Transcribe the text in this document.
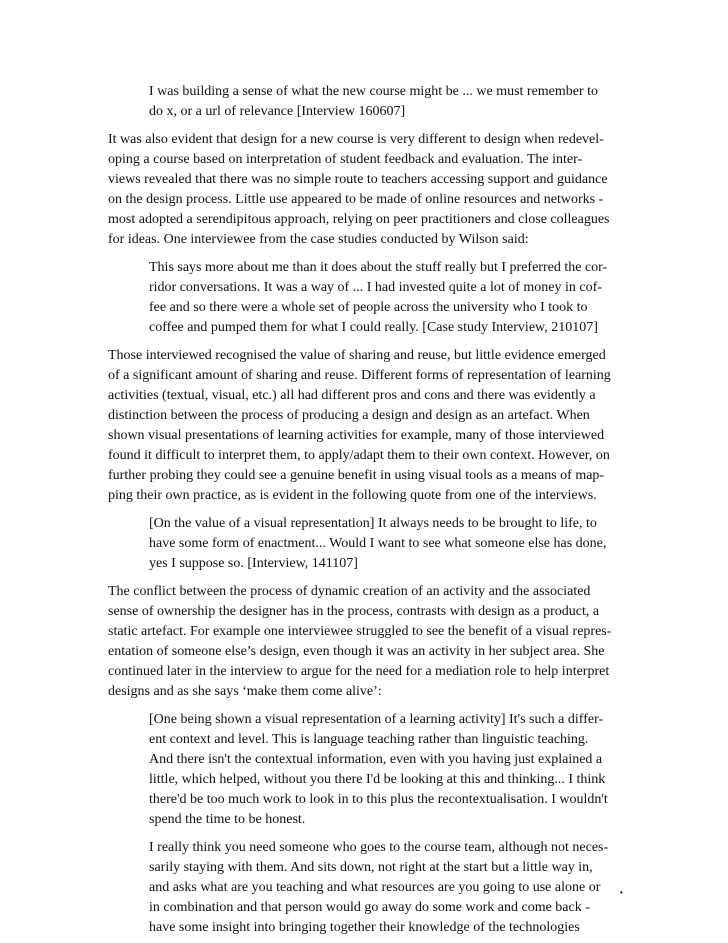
I was building a sense of what the new course might be ... we must remember to
do x, or a url of relevance [Interview 160607]
It was also evident that design for a new course is very different to design when redevel-
oping a course based on interpretation of student feedback and evaluation. The inter-
views revealed that there was no simple route to teachers accessing support and guidance
on the design process. Little use appeared to be made of online resources and networks -
most adopted a serendipitous approach, relying on peer practitioners and close colleagues
for ideas. One interviewee from the case studies conducted by Wilson said:
This says more about me than it does about the stuff really but I preferred the cor-
ridor conversations. It was a way of ... I had invested quite a lot of money in cof-
fee and so there were a whole set of people across the university who I took to
coffee and pumped them for what I could really. [Case study Interview, 210107]
Those interviewed recognised the value of sharing and reuse, but little evidence emerged
of a significant amount of sharing and reuse. Different forms of representation of learning
activities (textual, visual, etc.) all had different pros and cons and there was evidently a
distinction between the process of producing a design and design as an artefact. When
shown visual presentations of learning activities for example, many of those interviewed
found it difficult to interpret them, to apply/adapt them to their own context. However, on
further probing they could see a genuine benefit in using visual tools as a means of map-
ping their own practice, as is evident in the following quote from one of the interviews.
[On the value of a visual representation] It always needs to be brought to life, to
have some form of enactment... Would I want to see what someone else has done,
yes I suppose so. [Interview, 141107]
The conflict between the process of dynamic creation of an activity and the associated
sense of ownership the designer has in the process, contrasts with design as a product, a
static artefact. For example one interviewee struggled to see the benefit of a visual repres-
entation of someone else’s design, even though it was an activity in her subject area. She
continued later in the interview to argue for the need for a mediation role to help interpret
designs and as she says ‘make them come alive’:
[One being shown a visual representation of a learning activity] It's such a differ-
ent context and level. This is language teaching rather than linguistic teaching.
And there isn't the contextual information, even with you having just explained a
little, which helped, without you there I'd be looking at this and thinking... I think
there'd be too much work to look in to this plus the recontextualisation. I wouldn't
spend the time to be honest.
I really think you need someone who goes to the course team, although not neces-
sarily staying with them. And sits down, not right at the start but a little way in,
and asks what are you teaching and what resources are you going to use alone or
in combination and that person would go away do some work and come back -
have some insight into bringing together their knowledge of the technologies
·
